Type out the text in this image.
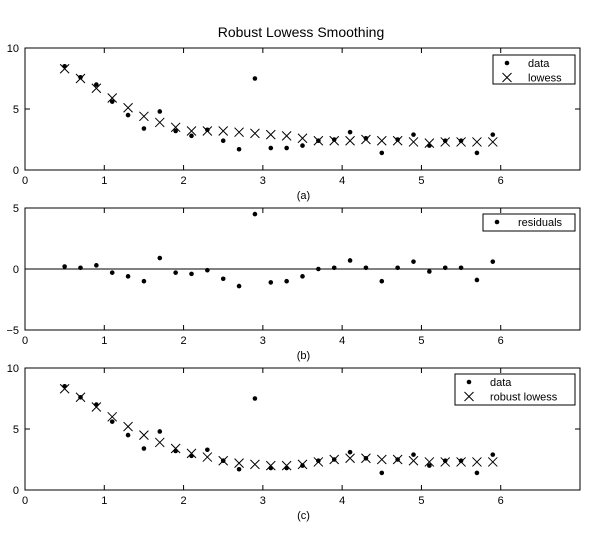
Robust Lowess Smoothing
0	1	2	3	4	5	6
0
5
10
(a)
data
lowess
0	1	2	3	4	5	6
−5
0
5
(b)
residuals
0	1	2	3	4	5	6
0
5
10
(c)
data
robust lowess
